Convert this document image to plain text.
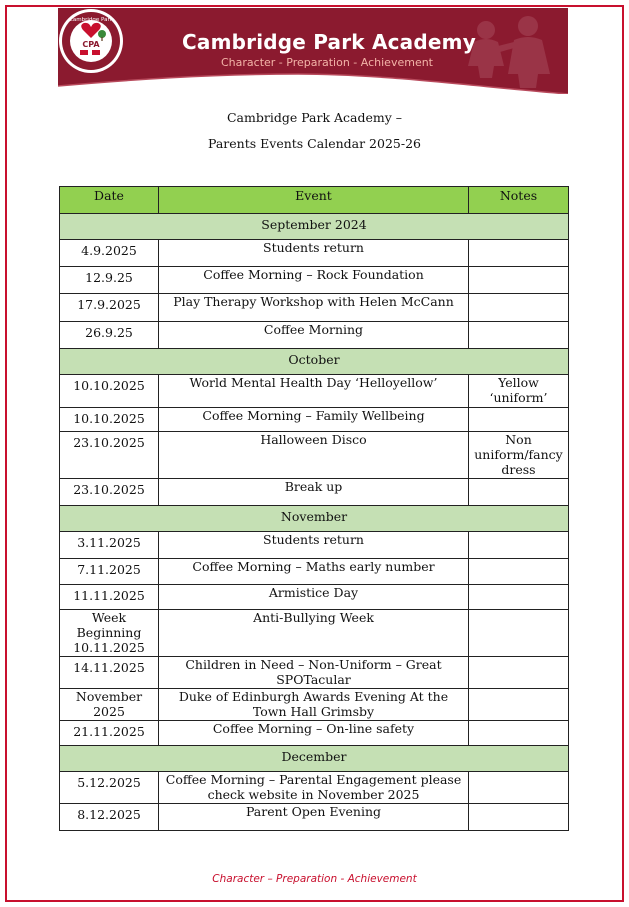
Cambridge Park
CPA	Cambridge Park Academy
Character - Preparation - Achievement
Cambridge Park Academy –
Parents Events Calendar 2025-26
Date	Event	Notes
September 2024		
4.9.2025	Students return	
12.9.25	Coffee Morning – Rock Foundation	
17.9.2025	Play Therapy Workshop with Helen McCann	
26.9.25	Coffee Morning	
October		
10.10.2025	World Mental Health Day ‘Helloyellow’	Yellow ‘uniform’
10.10.2025	Coffee Morning – Family Wellbeing	
23.10.2025	Halloween Disco	Non uniform/fancy dress
23.10.2025	Break up	
November		
3.11.2025	Students return	
7.11.2025	Coffee Morning – Maths early number	
11.11.2025	Armistice Day	
Week Beginning 10.11.2025	Anti-Bullying Week	
14.11.2025	Children in Need – Non-Uniform – Great SPOTacular	
November 2025	Duke of Edinburgh Awards Evening At the Town Hall Grimsby	
21.11.2025	Coffee Morning – On-line safety	
December		
5.12.2025	Coffee Morning – Parental Engagement please check website in November 2025	
8.12.2025	Parent Open Evening	
Character – Preparation - Achievement
